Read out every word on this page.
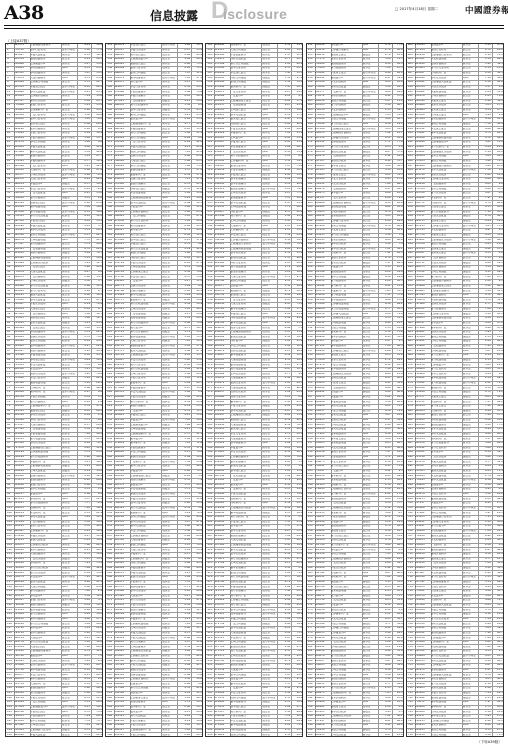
A38	信息披露 D
isclosure	□ 2017年4月18日 星期二	中國證券報
（上接A37版）
1	541373	工银瑞信稳健债券	债券型	4.49	50.6
2	170702	银华行业轮动	货币市场型	3.06	77.8
3	691697	华夏灵活配置	债券型	6.55	16.1
4	604359	富国稳健债券	混合型	8.95	96.5
5	208688	汇添富货币A	债券型	4.27	55.0
6	704683	博时稳健债券	QDII	4.51	23.5
7	592345	博时稳健债券	债券型	3.67	35.2
8	171674	大成价值精选	QDII	4.74	23.9
9	642669	汇添富红利指数	混合型	1.72	22.7
10	505331	华夏成长混合	货币市场型	6.63	64.5
11	959660	博时灵活配置	货币市场型	4.45	83.5
12	505655	汇添富价值精选	债券型	7.19	13.6
13	343317	鹏华优选股票	QDII	8.84	85.7
14	772646	建信行业轮动	混合型	3.41	35.9
15	293641	汇添富新兴产业	混合型	2.90	95.2
16	106304	广发行业轮动	货币市场型	1.30	98.6
17	510632	银华行业轮动	货币市场型	1.63	79.0
18	906628	嘉实成长混合	债券型	6.86	69.6
19	694290	银华价值精选	债券型	2.02	4.2
20	173618	中证行业轮动	债券型	8.09	14.9
21	544614	中证价值精选	货币市场型	1.08	35.7
22	307276	博时红利指数	债券型	1.98	0.6
23	661604	华夏灵活配置	混合型	4.80	41.6
24	107600	鹏华灵活配置	混合型	3.54	92.6
25	745262	建信价值精选	股票型	1.19	87.7
26	174591	华夏稳健债券	股票型	0.77	59.9
27	495586	广发行业轮动	QDII	5.25	42.2
28	208248	大成新兴产业	货币市场型	8.66	67.6
29	512577	长城优选股票	货币市场型	4.98	70.1
30	808572	大成行业轮动	QDII	6.22	82.6
31	496234	华夏货币A	指数型	6.37	39.2
32	775563	华安行业轮动	货币市场型	8.44	72.0
33	146558	广发灵活配置	QDII	6.43	15.8
34	709220	南方价值精选	指数型	3.33	2.6
35	963549	招商成长混合	货币市场型	2.16	65.6
36	309544	鹏华收益增强	QDII	5.89	39.6
37	847206	南方收益增强	货币市场型	8.55	56.8
38	176535	易方达灵活配置	股票型	4.12	51.0
39	397530	中证成长混合	混合型	4.61	55.3
40	910192	华夏灵活配置	债券型	4.01	3.7
41	214521	鹏华优选股票	混合型	5.33	28.1
42	410516	嘉实红利指数	货币市场型	2.57	62.7
43	898179	长城收益增强	QDII	7.72	41.3
44	177507	南方稳健债券	混合型	5.79	96.0
45	348503	广发收益增强	债券型	8.78	61.8
46	811165	国泰价值精选	指数型	1.69	70.7
47	965493	工银瑞信收益增强	股票型	5.51	56.6
48	211489	汇添富优选股票	混合型	5.25	52.7
49	649151	广发成长混合	债券型	3.90	91.8
50	778479	大成灵活配置	债券型	4.47	9.0
51	899475	广发价值精选	债券型	0.96	35.3
52	412137	长城优选股票	指数型	5.36	5.7
53	516466	易方达灵活配置	股票型	2.68	52.2
54	612461	南方行业轮动	混合型	4.92	9.7
55	100123	富国灵活配置	混合型	6.08	10.3
56	179452	博时灵活配置	混合型	9.15	87.1
57	250447	中证优选股票	QDII	8.14	74.9
58	613109	大成成长混合	股票型	6.04	6.7
59	667438	广发价值精选	QDII	5.86	14.7
60	713433	国泰成长混合	债券型	1.60	32.7
61	151095	嘉实灵活配置	指数型	5.25	93.9
62	180424	广发成长混合	债券型	1.82	33.1
63	201419	博时稳健债券	货币市场型	3.31	81.4
64	514081	招商优选股票	混合型	3.72	73.8
65	518410	嘉实红利指数	股票型	6.04	43.2
66	514405	银华稳健债券	货币市场型	4.27	22.8
67	802067	国泰价值精选	混合型	1.43	45.4
68	781396	华夏收益增强	股票型	0.50	45.1
69	752391	博时成长混合	货币市场型	4.49	54.9
70	115054	华安灵活配置	混合型	7.39	8.8
71	969382	华安货币A	债券型	3.21	38.7
72	915378	国泰优选股票	货币市场型	3.95	78.8
73	253040	华安行业轮动	指数型	3.61	62.9
74	182368	富国收益增强	混合型	5.18	24.1
75	103364	长城新兴产业	债券型	2.66	94.4
76	316026	鹏华新兴产业	货币市场型	8.07	9.8
77	220354	中证红利指数	债券型	6.39	1.3
78	116350	南方价值精选	QDII	0.63	2.8
79	304012	工银瑞信新兴产业	混合型	2.78	47.4
80	183341	富国成长混合	指数型	6.85	69.2
81	954336	博时优选股票	混合型	6.84	1.9
82	216998	博时行业轮动	债券型	5.75	76.8
83	971327	大成价值精选	债券型	6.57	29.8
84	817322	广发收益增强	债券型	3.30	91.8
85	954984	中证收益增强	股票型	7.96	98.0
86	784313	南方收益增强	混合型	5.53	81.2
87	605308	博时优选股票	债券型	8.02	74.5
88	717970	工银瑞信成长混合	债券型	9.42	11.8
89	522299	汇添富收益增强	债券型	3.74	25.3
90	318294	易方达稳健债券	债券型	2.98	48.9
91	405956	华夏新兴产业	债券型	1.13	16.5
92	185285	工银瑞信收益增强	指数型	1.21	60.2
93	856280	长城灵活配置	指数型	6.19	15.0
94	918942	招商价值精选	货币市场型	1.10	12.9
95	673271	建信稳健债券	债券型	6.92	86.8
96	419266	建信行业轮动	债券型	8.66	71.9
97	456929	银华红利指数	混合型	9.31	1.0
98	186257	建信货币A	QDII	2.88	6.2
99	807253	博时新兴产业	QDII	1.37	21.5
100 819915	易方达稳健债券	债券型	7.77	79.9
101 524243	招商新兴产业	混合型	7.10	16.4
102 220239	华安新兴产业	混合型	2.33	61.9
103 207901	博时灵活配置	QDII	5.49	51.5
104 787229	广发价值精选	混合型	1.56	18.2
105 458225	嘉实行业轮动	混合型	2.55	94.0
106 420887	汇添富新兴产业	债券型	2.45	14.9
107 975216	华夏优选股票	混合型	4.27	11.9
108 621211	建信灵活配置	QDII	2.01	18.9
109 558873	汇添富优选股票	债券型	7.66	69.1
110 188202	鹏华价值精选	QDII	6.23	96.3
111 709197	大成稳健债券	债券型	0.72	34.6
112 621859	广发优选股票	指数型	3.13	15.9
113 226188	博时新兴产业	混合型	7.45	73.4
114 722183	易方达优选股票	指数型	7.69	42.0
115 609845	南方优选股票	股票型	6.84	53.6
116 189174	华安货币A	货币市场型	7.91	42.3
117 660169	嘉实灵活配置	债券型	4.90	41.1
118 522831	大成红利指数	QDII	0.80	83.0
119 977160	南方稳健债券	混合型	7.62	2.9
120 523155	博时货币A	债券型	1.36	32.0
121 360817	建信行业轮动	货币市场型	3.02	5.1
122 790146	富国价值精选	指数型	6.59	54.3
123 311141	嘉实收益增强	股票型	6.08	14.6
124 123804	南方价值精选	QDII	4.48	18.0
125 528132	鹏华价值精选	QDII	4.80	97.5
126 924128	易方达红利指数	混合型	1.04	88.0
127 711790	鹏华货币A	股票型	5.19	22.6
128 191118	银华价值精选	股票型	2.26	33.3
129 562114	大成货币A	混合型	4.25	54.1
130 324776	易方达灵活配置	混合型	5.16	19.0
131 679104	大成成长混合	混合型	7.98	60.0
132 125100	工银瑞信稳健债券	股票型	6.72	12.0
133 762762	富国货币A	QDII	4.37	7.2
134 192091	大成优选股票	债券型	3.94	78.4
135 513086	嘉实价值精选	货币市场型	8.43	60.7
136 225748	鹏华收益增强	混合型	2.83	86.0
137 530077	华安行业轮动	QDII	8.15	88.5
138 826072	鹏华价值精选	指数型	9.39	2.0
139 513734	大成新兴产业	混合型	0.55	57.7
140 793063	建信稳健债券	QDII	2.62	90.4
141 164058	南方稳健债券	指数型	0.60	34.2
142 726720	中证优选股票	混合型	6.51	21.1
143 981049	广发红利指数	QDII	5.33	84.0
144 327044	工银瑞信货币A	货币市场型	9.07	58.1
145 864706	中证成长混合	QDII	2.72	75.2
146 194035	中证稳健债券	债券型	7.29	69.4
147 415030	银华红利指数	股票型	7.78	73.7
148 927692	长城成长混合	混合型	7.19	22.1
149 232021	工银瑞信行业轮动	指数型	8.51	46.5
150 428016	华夏灵活配置	混合型	5.74	81.1
151 915679	华安成长混合	货币市场型	1.90	59.7
152 195007	华夏优选股票	债券型	8.97	15.4
153 366003	南方成长混合	混合型	2.96	80.2
154 828665	工银瑞信货币A	混合型	4.86	89.1
155 982993	富国成长混合	债券型	8.68	75.1
156 228989	嘉实行业轮动	股票型	8.42	71.1
157 666651	嘉实红利指数	混合型	7.07	11.2
158 795979	鹏华稳健债券	货币市场型	7.65	27.5
159 916975	南方货币A	债券型	4.13	53.8
160 429637	华安行业轮动	债券型	8.54	24.1
161 533966	中证稳健债券	债券型	5.86	70.6
162 629961	华夏价值精选	债券型	8.10	28.1
163 117623	广发稳健债券	指数型	9.25	28.8
164 196952	易方达稳健债券	债券型	3.32	6.5
165 267947	银华行业轮动	指数型	2.31	93.3
166 630609	鹏华红利指数	债券型	9.21	25.2
167 684938	嘉实货币A	货币市场型	9.04	33.1
168 730933	工银瑞信新兴产业	债券型	4.77	51.2
169 168595	华夏稳健债券	混合型	8.43	13.3
170 197924	南方红利指数	混合型	5.00	51.5
171 218919	南方红利指数	QDII	6.49	0.8
172 531581	广发行业轮动	债券型	6.89	92.2
173 535910	华夏灵活配置	债券型	9.21	61.6
174 531905	国泰红利指数	混合型	7.45	41.2
175 819567	招商优选股票	债券型	4.60	63.8
176 798896	大成成长混合	债券型	3.68	63.5
177 769891	南方红利指数	混合型	7.66	73.3
178 132554	建信稳健债券	债券型	1.57	27.2
179 986882	建信新兴产业	混合型	6.39	57.2
180 932878	招商行业轮动	QDII	7.13	97.2
181 270540	建信价值精选	混合型	6.78	81.3
182 199868	博时成长混合	指数型	8.35	42.6
183 120864	华安收益增强	债券型	5.84	13.8
184 333526	工银瑞信收益增强	QDII	2.24	28.2
185 237854	银华灵活配置	货币市场型	0.56	19.7
186 133850	中证货币A	指数型	3.80	21.2
187 321512	汇添富价值精选	混合型	5.96	65.9
188 200841	广发红利指数	混合型	1.03	87.6
189 971836	易方达行业轮动	债券型	1.02	20.4
190 234498	南方稳健债券	股票型	8.92	95.3
191 988827	鹏华货币A	混合型	0.74	48.2
192 834822	南方成长混合	债券型	6.48	11.3
193 972484	银华成长混合	债券型	2.13	17.4
194 801813	华夏成长混合	债券型	8.70	0.6
195 622808	易方达灵活配置	股票型	2.19	92.9
196 735470	富国红利指数	股票型	3.60	30.3
197 539799	博时成长混合	混合型	6.92	43.7
198 335794	中证优选股票	混合型	6.16	67.3
199 423456	长城收益增强	混合型	4.31	34.9
200 202785	汇添富成长混合	混合型	4.38	78.6
201 873780	华安成长混合	混合型	9.37	33.4
202 936442	广发货币A	混合型	4.27	31.3
203 690771	招商优选股票	股票型	1.09	6.3
204 436766	招商价值精选	股票型	2.83	90.3
205 474429	鹏华灵活配置	债券型	3.49	19.4
206 203757	富国新兴产业	指数型	6.06	24.6
207 824753	易方达收益增强	货币市场型	4.54	39.9
208 837415	长城优选股票	股票型	1.95	98.3
209 541743	广发收益增强	指数型	1.27	34.8
210 237739	国泰收益增强	指数型	5.51	80.3
211 225401	易方达稳健债券	货币市场型	8.66	70.0
212 804729	南方货币A	混合型	4.73	36.7
213 475725	易方达价值精选	指数型	5.72	13.5
214 438387	嘉实收益增强	货币市场型	5.63	33.3
215 992716	大成行业轮动	指数型	7.45	30.3
216 638711	富国稳健债券	货币市场型	5.18	37.4
217 576373	嘉实灵活配置	股票型	1.84	87.5
218 205702	工银瑞信货币A	货币市场型	9.41	15.7
219 726697	华安优选股票	股票型	3.90	53.0
220 639359	南方行业轮动	混合型	6.30	34.4
221 243688	易方达收益增强	债券型	1.62	91.8
222 739683	长城行业轮动	混合型	1.86	60.4
223 627345	中证行业轮动	债券型	1.02	72.0
224 206674	建信新兴产业	QDII	2.09	60.7
225 677669	华夏稳健债券	混合型	8.07	59.5
226 540331	华安灵活配置	货币市场型	3.98	2.4
227 994660	中证优选股票	指数型	1.80	21.4
228 540655	易方达新兴产业	股票型	4.54	50.4
229 378317	富国价值精选	混合型	6.19	23.5
230 807646	广发货币A	混合型	0.76	72.7
231 328641	华夏成长混合	债券型	9.25	33.0
232 141304	华夏货币A	货币市场型	7.65	36.4
233 545632	工银瑞信货币A	指数型	7.98	16.9
234 941628	长城收益增强	债券型	4.21	7.4
235 729290	工银瑞信新兴产业	债券型	8.37	41.1
236 208618	鹏华货币A	债券型	5.44	51.8
237 579614	鹏华新兴产业	指数型	7.43	72.6
238 342276	中证稳健债券	债券型	8.33	37.4
239 696604	华安红利指数	债券型	2.15	78.4
240 142600	富国优选股票	债券型	0.89	30.4
241 780262	广发新兴产业	货币市场型	7.54	25.6
242 209591	鹏华行业轮动	股票型	7.12	96.8
243 530586	华夏货币A	QDII	2.60	79.1
244 243248	工银瑞信成长混合	指数型	6.01	5.5
245 547577	国泰价值精选	货币市场型	2.33	7.9
246 843572	建信货币A	混合型	3.57	20.5
247 531234	华安收益增强	指数型	3.72	76.1
248 810563	富国优选股票	货币市场型	5.79	9.8
249 181558	华夏优选股票	混合型	3.78	52.6
250 744220	银华行业轮动	指数型	0.68	39.5
251 998549	南方灵活配置	货币市场型	8.51	3.4
252 344544	富国新兴产业	QDII	3.24	76.5
253 882206	银华红利指数	货币市场型	5.90	93.6
254 211535	银华优选股票	股票型	1.47	87.8
255 432530	鹏华灵活配置	债券型	1.96	92.1
256 945192	华安红利指数	股票型	1.36	40.5
257 249521	汇添富价值精选	混合型	2.68	65.0
258 445516	大成稳健债券	指数型	8.92	0.5
259 933179	建信红利指数	QDII	5.07	78.1
260 212507	大成行业轮动	债券型	3.14	33.9
261 383503	华夏新兴产业	债券型	6.13	98.7
262 846165	汇添富新兴产业	指数型	8.04	8.5
263 100493	博时红利指数	股票型	2.86	93.5
264 246489	华夏稳健债券	债券型	2.60	89.5
265 684151	华夏灵活配置	债券型	1.25	29.7
266 813479	建信优选股票	QDII	1.82	45.9
267 934475	中证新兴产业	股票型	7.31	72.2
268 447137	国泰稳健债券	混合型	2.71	42.6
269 551466	银华优选股票	股票型	9.03	89.0
270 647461	大成货币A	混合型	2.27	46.6
271 135123	南方优选股票	混合型	3.43	47.2
272 214452	中证优选股票	混合型	6.50	24.9
273 285447	国泰价值精选	混合型	5.49	12.7
274 648109	建信收益增强	股票型	3.39	43.6
275 702438	华夏新兴产业	QDII	3.21	51.5
276 748433	汇添富收益增强	股票型	7.95	69.6
277 186095	长城优选股票	指数型	2.60	31.7
278 215424	华夏灵活配置	债券型	8.17	69.9
279 236419	中证灵活配置	货币市场型	0.66	19.2
280 549081	南方价值精选	混合型	1.07	11.6
281 553410	长城稳健债券	股票型	3.39	80.1
282 549405	工银瑞信灵活配置	指数型	1.62	59.6
283 837067	汇添富行业轮动	债券型	7.78	82.2
284 816396	鹏华红利指数	股票型	6.85	82.0
285 787391	中证灵活配置	指数型	1.84	91.7
286 150054	富国优选股票	混合型	4.74	45.6
287 104382	招商收益增强	股票型	0.56	75.6
288 950378	汇添富价值精选	货币市场型	1.30	16.6
289 288040	招商货币A	混合型	0.96	0.8
290 217368	易方达红利指数	债券型	2.53	61.0
291 138364	国泰货币A	股票型	9.01	32.3
292 351026	汇添富成长混合	货币市场型	5.42	46.7
293 255354	国泰稳健债券	QDII	3.74	38.1
294 151350	银华新兴产业	混合型	6.98	39.7
295 339012	嘉实货币A	债券型	9.13	84.3
296 218341	南方灵活配置	指数型	4.20	7.0
297 989336	中证价值精选	混合型	4.19	38.8
298 251998	中证优选股票	债券型	3.10	14.7
299 106327	工银瑞信新兴产业	债券型	3.92	66.6
300 852322	中证红利指数	股票型	0.65	29.7
301 989984	国泰新兴产业	股票型	5.31	35.8
302 819313	大成红利指数	混合型	2.88	19.0
303 640308	中证稳健债券	债券型	5.37	12.3
304 752970	博时灵活配置	债券型	6.77	48.7
305 557299	易方达红利指数	债券型	1.09	62.2
306 353294	银华行业轮动	债券型	9.33	85.7
307 440956	华安成长混合	债券型	7.48	53.3
308 220285	博时红利指数	指数型	7.56	97.0
309 891280	建信红利指数	指数型	3.54	51.8
310 953942	嘉实新兴产业	指数型	7.45	49.7
311 708271	广发行业轮动	债券型	4.27	24.7
312 454266	广发货币A	债券型	6.01	9.7
313 491929	工银瑞信成长混合	混合型	6.66	37.9
314 221257	广发收益增强	混合型	9.23	43.1
315 842253	长城成长混合	QDII	7.72	58.4
316 854915	银华灵活配置	QDII	5.12	17.7
317 559243	嘉实成长混合	债券型	4.45	53.2
318 255239	招商成长混合	混合型	8.68	98.8
319 242901	中证优选股票	QDII	2.84	88.4
320 822229	华夏新兴产业	债券型	7.91	55.1
321 493225	长城货币A	混合型	8.90	31.9
322 455887	华夏成长混合	QDII	8.80	51.8
323 110216	华安稳健债券	混合型	1.62	48.7
324 656211	广发优选股票	QDII	8.36	55.8
325 593873	易方达稳健债券	债券型	5.01	6.9
326 223202	汇添富新兴产业	QDII	3.58	34.1
327 744197	建信行业轮动	债券型	7.07	71.4
328 656859	中证价值精选	指数型	9.48	52.8
329 261188	中证成长混合	混合型	4.80	11.3
330 757183	银华价值精选	指数型	5.04	78.8
331 644845	银华价值精选	股票型	4.19	90.4
332 224174	富国价值精选	货币市场型	5.26	79.1
333 695169	长城优选股票	债券型	2.25	77.9
334 557831	建信稳健债券	QDII	7.15	20.8
335 112160	银华灵活配置	混合型	4.97	39.8
336 558155	长城收益增强	债券型	7.71	68.8
337 395817	博时货币A	指数型	9.37	42.0
338 825146	南方新兴产业	指数型	3.94	91.2
339 346141	长城红利指数	股票型	3.43	51.5
340 158804	大成新兴产业	QDII	1.83	54.8
341 563132	汇添富新兴产业	混合型	2.15	35.3
342 959128	华安成长混合	混合型	7.39	25.8
343 746790	汇添富价值精选	货币市场型	2.54	59.5
344 226118	工银瑞信行业轮动	货币市场型	8.61	70.2
345 597114	工银瑞信收益增强	混合型	1.60	91.0
346 359776	银华优选股票	混合型	2.51	55.9
347 714104	建信灵活配置	混合型	5.33	96.8
348 160100	博时行业轮动	股票型	4.07	48.9
349 797762	南方收益增强	QDII	1.72	44.0
350 227091	建信价值精选	债券型	1.29	16.2
351 548086	大成行业轮动	货币市场型	5.78	97.5
352 260748	富国红利指数	混合型	9.18	23.9
353 565077	招商货币A	QDII	5.50	26.4
354 861072	富国新兴产业	指数型	6.74	38.9
355 548734	建信成长混合	混合型	6.90	94.5
356 828063	广发行业轮动	混合型	8.97	28.2
357 199058	大成行业轮动	指数型	6.95	71.0
358 761720	鹏华价值精选	混合型	3.86	57.9
359 116049	华夏成长混合	QDII	2.68	21.9
360 362044	博时收益增强	货币市场型	6.42	94.9
361 899706	鹏华灵活配置	QDII	9.07	13.0
362 229035	国泰行业轮动	债券型	4.64	7.3
363 450030	工银瑞信稳健债券	股票型	5.13	11.6
364 962692	建信灵活配置	债券型	4.54	58.9
365 267021	博时货币A	指数型	5.86	83.4
366 463016	华安红利指数	混合型	3.09	18.9
367 950679	招商灵活配置	指数型	8.25	96.6
368 230007	鹏华稳健债券	股票型	6.32	52.3
369 401003	大成收益增强	混合型	9.31	18.1
370 863665	嘉实收益增强	债券型	2.21	27.0
371 117993	南方收益增强	QDII	6.03	12.9
372 263989	长城优选股票	股票型	5.77	9.0
373 701651	大成稳健债券	混合型	4.42	48.1
374 830979	富国行业轮动	货币市场型	5.00	64.3
375 951975	大成收益增强	债券型	1.48	90.6
376 464637	招商优选股票	债券型	5.89	61.0
377 568966	国泰行业轮动	债券型	3.21	8.4
378 664961	鹏华新兴产业	债券型	5.45	65.0
379 152623	中证行业轮动	指数型	6.60	65.6
380 231952	银华灵活配置	债券型	0.67	43.3
381 302947	工银瑞信优选股票	指数型	8.66	31.1
382 665609	富国成长混合	债券型	6.56	62.0
383 719938	大成收益增强	指数型	6.39	70.0
384 765933	嘉实成长混合	债券型	2.12	88.0
385 203595	华安行业轮动	混合型	5.78	50.1
386 232924	大成稳健债券	混合型	2.35	88.4
387 253919	银华稳健债券	QDII	3.84	37.7
388 566581	华夏货币A	债券型	4.24	30.0
389 570910	华安优选股票	债券型	6.56	98.5
390 566905	汇添富稳健债券	混合型	4.80	78.0
391 854567	嘉实价值精选	股票型	1.95	1.7
392 833896	建信灵活配置	债券型	1.03	1.4
393 804891	银华成长混合	混合型	5.01	11.2
394 167554	广发灵活配置	股票型	7.92	64.1
395 121882	广发货币A	债券型	3.74	94.0
396 967878	嘉实货币A	QDII	4.48	35.1
397 305540	广发新兴产业	债券型	4.13	19.2
398 234868	中证灵活配置	混合型	5.70	79.4
399 155864	招商新兴产业	债券型	3.19	50.7
400 368526	博时新兴产业	QDII	8.59	65.1
401 272854	工银瑞信优选股票	货币市场型	6.91	56.5
402 168850	鹏华收益增强	指数型	1.15	58.1
403 356512	易方达新兴产业	混合型	3.31	3.7
404 235841	中证成长混合	混合型	7.38	25.4
405 106836	银华货币A	债券型	7.37	57.2
406 269498	银华行业轮动	股票型	6.27	33.1
407 123827	富国价值精选	混合型	7.09	85.1
408 869822	大成灵活配置	债券型	3.83	48.1
409 107484	工银瑞信收益增强	债券型	8.48	54.2
410 836813	鹏华灵活配置	股票型	6.05	37.4
411 657808	银华优选股票	股票型	8.54	30.7
412 770470	易方达稳健债券	股票型	0.95	67.1
413 574799	长城灵活配置	混合型	4.27	80.6
414 370794	鹏华价值精选	混合型	3.51	5.1
415 458456	建信红利指数	混合型	1.66	71.8
416 237785	易方达收益增强	混合型	1.73	16.5
417 908780	招商灵活配置	混合型	6.72	70.3
418 971442	华夏收益增强	混合型	1.62	68.1
419 725771	南方价值精选	股票型	7.44	43.1
420 471766	南方新兴产业	股票型	9.18	28.2
421 509429	汇添富红利指数	股票型	0.84	56.3
422 238757	南方成长混合	指数型	3.41	61.5
423 859753	银华红利指数	货币市场型	1.89	76.8
424 872415	国泰稳健债券	货币市场型	8.30	36.2
425 576743	华夏红利指数	混合型	7.62	71.6
426 272739	广发红利指数	指数型	2.86	18.2
427 260401	银华灵活配置	货币市场型	6.01	7.8
428 839729	大成收益增强	混合型	2.08	73.5
429 510725	华安新兴产业	指数型	3.07	50.3
430 473387	长城红利指数	货币市场型	2.98	70.2
431 127716	建信优选股票	混合型	4.80	67.2
432 673711	南方灵活配置	货币市场型	2.53	74.2
433 611373	长城优选股票	股票型	8.19	25.3
434 240702	博时收益增强	货币市场型	6.76	52.5
435 761697	富国价值精选	股票型	1.25	89.8
436 674359	大成货币A	债券型	3.65	71.2
437 278688	银华红利指数	股票型	7.97	29.7
438 774683	国泰货币A	混合型	8.21	97.2
439 662345	鹏华优选股票	债券型	7.37	9.9
440 241674	广发货币A	QDII	8.44	97.6
441 712669	华安行业轮动	混合型	5.42	96.4
442 575331	招商红利指数	货币市场型	1.33	39.2
443 129660	鹏华稳健债券	指数型	8.15	58.2
444 575655	银华成长混合	股票型	1.89	87.3
445 413317	南方新兴产业	混合型	3.54	60.4
446 842646	中证价值精选	混合型	7.11	10.6
447 363641	华安灵活配置	债券型	6.60	69.9
448 176304	鹏华收益增强	指数型	5.00	73.3
449 580632	博时收益增强	指数型	5.33	53.7
450 976628	国泰红利指数	债券型	1.56	44.3
451 764290	博时货币A	QDII	5.72	77.9
452 243618	汇添富价值精选	QDII	2.79	88.6
453 614614	富国成长混合	指数型	4.78	10.4
454 377276	国泰行业轮动	债券型	5.68	74.3
455 731604	富国稳健债券	债券型	8.50	16.3
456 177600	南方稳健债券	债券型	7.24	67.3
457 815262	中证成长混合	货币市场型	4.89	62.4
458 244591	富国货币A	货币市场型	4.47	34.6
459 565586	华安价值精选	QDII	8.95	16.9
460 278248	博时灵活配置	指数型	3.36	42.3
461 582577	广发新兴产业	货币市场型	8.68	44.8
462 878572	博时价值精选	混合型	0.92	57.3
463 566234	富国红利指数	混合型	1.07	13.9
464 845563	南方价值精选	指数型	3.14	46.7
465 216558	华安价值精选	混合型	1.13	89.5
466 779220	工银瑞信货币A	指数型	7.03	76.3
467 133549	大成红利指数	货币市场型	5.86	40.3
468 379544	易方达成长混合	QDII	0.59	14.3
469 917206	工银瑞信成长混合	货币市场型	3.25	31.5
470 246535	工银瑞信价值精选	股票型	7.82	25.7
471 467530	汇添富优选股票	债券型	8.31	30.0
472 980192	招商稳健债券	股票型	7.71	77.4
473 284521	易方达行业轮动	混合型	9.03	2.8
474 480516	建信灵活配置	指数型	6.27	37.4
475 968179	广发稳健债券	混合型	2.42	16.0
476 247507	建信优选股票	债券型	9.49	70.7
477 418503	鹏华成长混合	债券型	3.48	36.5
478 881165	易方达成长混合	混合型	5.39	45.4
479 135493	中证成长混合	货币市场型	9.21	31.3
480 281489	华安行业轮动	债券型	8.95	27.4
481 719151	华安优选股票	债券型	7.60	66.5
482 848479	广发稳健债券	QDII	8.17	82.7
483 969475	鹏华货币A	股票型	4.66	10.0
484 482137	广发行业轮动	混合型	9.06	79.4
485 586466	工银瑞信价值精选	货币市场型	6.38	26.9
486 682461	建信收益增强	混合型	8.62	83.4
487 170123	大成价值精选	混合型	0.78	84.0
488 249452	国泰稳健债券	混合型	3.85	61.8
489 320447	汇添富行业轮动	混合型	2.84	49.6
490 683109	博时红利指数	货币市场型	0.74	80.4
491 737438	华安成长混合	混合型	0.56	88.4
492 783433	易方达红利指数	股票型	5.30	7.4
493 221095	国泰价值精选	指数型	8.95	68.6
494 250424	鹏华优选股票	债券型	5.52	7.8
495 271419	鹏华优选股票	货币市场型	7.01	56.1
496 584081	大成新兴产业	混合型	7.42	48.5
497 588410	建信行业轮动	股票型	0.74	17.9
498 584405	嘉实优选股票	指数型	7.97	96.5
499 872067	华夏货币A	债券型	5.13	20.1
500 851396	富国稳健债券	股票型	4.20	19.8
501 822391	鹏华红利指数	指数型	8.19	29.6
502 185054	南方稳健债券	债券型	2.09	82.5
503 139382	南方新兴产业	股票型	6.91	13.4
504 985378	华夏新兴产业	货币市场型	7.65	53.5
505 323040	南方收益增强	混合型	7.31	37.6
506 252368	银华稳健债券	债券型	8.88	97.8
507 173364	汇添富收益增强	股票型	6.36	69.1
508 386026	易方达收益增强	货币市场型	2.77	83.5
509 290354	汇添富灵活配置	QDII	1.09	75.0
510 186350	工银瑞信成长混合	混合型	4.33	76.5
511 374012	长城收益增强	债券型	6.48	22.1
512 253341	大成红利指数	混合型	1.55	43.9
513 124336	国泰新兴产业	混合型	1.54	75.6
514 286998	鹏华价值精选	债券型	9.45	51.5
515 141327	博时货币A	股票型	1.27	4.5
516 887322	鹏华稳健债券	股票型	7.00	66.5
517 124984	汇添富成长混合	货币市场型	2.66	72.7
518 854313	建信成长混合	债券型	9.23	55.9
519 675308	国泰行业轮动	债券型	2.72	49.2
520 787970	中证红利指数	债券型	4.12	85.5
521 592299	银华稳健债券	债券型	7.44	99.0
522 388294	工银瑞信优选股票	债券型	6.68	23.6
523 475956	招商灵活配置	股票型	4.83	90.2
524 255285	中证成长混合	指数型	4.91	34.9
525 926280	广发稳健债券	指数型	0.89	88.7
526 988942	大成货币A	指数型	4.80	86.6
527 743271	华夏货币A	债券型	1.62	61.5
528 489266	华夏收益增强	债券型	3.36	46.6
529 526929	博时灵活配置	债券型	4.01	74.7
530 256257	中证红利指数	混合型	6.58	79.9
531 877253	国泰灵活配置	QDII	5.07	95.2
532 889915	招商优选股票	QDII	2.47	54.6
533 594243	长城灵活配置	债券型	1.80	90.1
534 290239	嘉实灵活配置	混合型	6.03	36.6
535 277901	国泰稳健债券	QDII	9.19	26.2
536 857229	鹏华成长混合	债券型	5.26	91.9
537 528225	国泰收益增强	混合型	6.25	68.7
538 490887	华安灵活配置	QDII	6.15	88.6
539 145216	富国行业轮动	债券型	7.97	85.6
540 691211	中证稳健债券	QDII	5.71	92.6
541 628873	华安行业轮动	债券型	2.36	43.8
542 258202	易方达成长混合	混合型	0.93	71.0
543 779197	广发货币A	债券型	4.42	9.3
544 691859	鹏华新兴产业	混合型	6.83	89.6
545 296188	国泰收益增强	债券型	2.15	48.1
546 792183	招商新兴产业	指数型	2.39	16.7
547 679845	工银瑞信行业轮动	股票型	1.54	28.3
548 259174	南方新兴产业	货币市场型	2.61	17.0
549 730169	建信稳健债券	股票型	8.60	15.8
550 592831	广发灵活配置	混合型	4.50	57.7
551 147160	工银瑞信优选股票	混合型	2.32	76.6
552 593155	国泰新兴产业	债券型	5.06	6.7
553 430817	中证价值精选	指数型	6.72	78.8
554 860146	大成货币A	指数型	1.29	29.0
555 381141	建信稳健债券	股票型	0.78	88.3
556 193804	建信成长混合	混合型	8.18	91.7
557 598132	易方达成长混合	混合型	8.50	72.2
558 994128	招商灵活配置	债券型	4.74	62.7
559 781790	易方达新兴产业	货币市场型	8.89	96.3
560 261118	博时货币A	货币市场型	5.96	8.0
561 632114	博时红利指数	混合型	7.95	28.8
562 394776	工银瑞信价值精选	混合型	8.86	92.7
563 749104	广发优选股票	混合型	2.68	34.7
564 195100	中证优选股票	股票型	1.42	85.7
565 832762	大成新兴产业	QDII	8.07	80.9
566 262091	博时新兴产业	QDII	7.64	53.1
567 583086	建信货币A	指数型	3.13	35.4
568 295748	易方达成长混合	混合型	6.53	60.7
569 600077	嘉实收益增强	混合型	2.85	63.2
570 896072	南方货币A	指数型	4.09	75.7
571 583734	广发灵活配置	债券型	4.25	32.4
572 863063	中证货币A	混合型	6.32	65.1
573 234058	建信优选股票	指数型	4.30	8.9
574 796720	汇添富新兴产业	混合型	1.21	94.8
575 151049	华安灵活配置	QDII	9.03	58.7
576 397044	中证红利指数	指数型	3.77	32.8
577 934706	汇添富红利指数	混合型	6.42	49.9
578 264035	汇添富货币A	债券型	1.99	44.1
579 485030	博时灵活配置	股票型	2.48	48.4
580 997692	广发优选股票	债券型	1.89	95.8
581 302021	长城价值精选	混合型	3.21	21.2
582 498016	富国稳健债券	混合型	9.44	55.8
583 985679	南方优选股票	指数型	5.60	34.4
584 265007	富国行业轮动	股票型	3.67	89.1
585 436003	建信红利指数	债券型	6.66	54.9
586 898665	长城红利指数	债券型	8.56	63.8
587 152993	银华红利指数	QDII	3.38	49.8
588 298989	建信价值精选	股票型	3.12	45.8
589 736651	建信行业轮动	混合型	1.77	84.9
590 865979	南方优选股票	货币市场型	2.35	2.2
591 986975	工银瑞信新兴产业	债券型	7.83	28.5
592 499637	嘉实价值精选	债券型	3.24	97.8
593 603966	汇添富货币A	QDII	0.56	45.3
594 699961	富国成长混合	股票型	2.80	2.8
595 187623	鹏华优选股票	指数型	3.95	3.5
596 266952	工银瑞信优选股票	股票型	7.02	80.2
597 337947	嘉实价值精选	指数型	6.01	68.0
598 700609	南方灵活配置	QDII	3.91	98.9
599 754938	建信红利指数	指数型	3.74	7.8
600 800933	长城灵活配置	债券型	8.47	25.9
601 238595	招商货币A	债券型	3.13	87.0
602 267924	建信行业轮动	混合型	8.70	26.2
603 288919	工银瑞信行业轮动	混合型	1.19	74.5
604 601581	华安收益增强	股票型	1.59	66.9
605 605910	招商价值精选	债券型	3.91	36.3
606 601905	易方达行业轮动	混合型	2.15	15.9
607 889567	长城新兴产业	股票型	8.30	38.5
608 868896	博时优选股票	QDII	7.38	38.2
609 839891	工银瑞信灵活配置	混合型	2.36	48.0
610 202554	中证优选股票	股票型	5.27	1.9
611 156882	华夏收益增强	债券型	1.09	31.9
612 102878	长城价值精选	混合型	1.83	71.9
613 340540	华夏成长混合	债券型	1.48	56.0
614 269868	国泰优选股票	混合型	3.05	17.3
615 190864	嘉实成长混合	债券型	0.54	87.5
616 403526	长城成长混合	QDII	5.94	2.9
617 307854	嘉实稳健债券	货币市场型	4.26	93.4
618 203850	富国红利指数	指数型	7.50	94.9
619 391512	华安成长混合	混合型	0.66	40.6
620 270841	鹏华灵活配置	债券型	4.73	62.3
621 141836	工银瑞信收益增强	股票型	4.72	94.1
622 304498	工银瑞信货币A	股票型	3.62	70.0
623 158827	易方达新兴产业	债券型	4.44	22.9
624 904822	工银瑞信优选股票	债券型	1.18	85.0
625 142484	嘉实红利指数	QDII	5.83	91.1
626 871813	富国红利指数	股票型	3.40	74.3
627 692808	工银瑞信价值精选	股票型	5.89	67.6
628 805470	银华灵活配置	货币市场型	7.30	5.0
629 609799	国泰优选股票	混合型	1.62	18.4
630 405794	汇添富行业轮动	债券型	0.86	42.0
631 493456	广发稳健债券	债券型	8.01	9.6
632 272785	银华红利指数	混合型	8.08	53.3
633 943780	南方优选股票	混合型	4.07	8.1
634 106442	华安新兴产业	混合型	7.97	6.0
635 760771	大成新兴产业	货币市场型	4.79	80.0
636 506766	大成成长混合	股票型	6.53	65.0
637 544429	易方达稳健债券	股票型	7.19	93.1
638 273757	大成灵活配置	指数型	0.76	98.3
639 894753	招商成长混合	指数型	8.24	14.6
640 907415	汇添富行业轮动	货币市场型	5.65	73.0
641 611743	华安稳健债券	混合型	4.97	9.5
642 307739	华夏成长混合	指数型	9.21	55.0
643 295401	工银瑞信优选股票	货币市场型	3.36	44.7
644 874729	建信红利指数	混合型	8.43	11.4
645 545725	招商成长混合	指数型	9.42	87.2
646 508387	国泰成长混合	货币市场型	9.33	8.0
647 162716	广发价值精选	混合型	2.15	5.0
648 708711	大成优选股票	指数型	8.88	12.1
649 646373	国泰价值精选	股票型	5.54	62.2
650 275702	长城红利指数	指数型	4.11	89.4
651 796697	南方新兴产业	股票型	7.60	27.7
652 709359	工银瑞信价值精选	债券型	1.00	9.1
653 313688	工银瑞信成长混合	股票型	5.32	66.5
654 809683	汇添富价值精选	混合型	5.56	35.1
655 697345	富国价值精选	QDII	4.72	46.7
656 276674	中证收益增强	混合型	5.79	35.4
657 747669	招商优选股票	债券型	2.77	34.2
658 610331	南方稳健债券	指数型	7.68	76.1
659 164660	汇添富行业轮动	指数型	5.50	95.1
660 610655	工银瑞信收益增强	股票型	8.24	25.1
661 448317	银华货币A	混合型	0.89	97.2
662 877646	鹏华新兴产业	债券型	4.46	47.4
663 398641	招商优选股票	债券型	3.95	7.7
664 211304	富国红利指数	指数型	2.35	11.1
665 615632	长城红利指数	指数型	2.68	90.6
666 111628	广发稳健债券	股票型	7.91	81.1
667 799290	长城收益增强	QDII	3.07	15.8
668 278618	易方达新兴产业	QDII	9.14	26.5
669 649614	南方收益增强	指数型	2.13	47.3
670 412276	汇添富货币A	股票型	3.03	12.1
671 766604	南方行业轮动	债券型	5.85	53.1
672 212600	银华行业轮动	债券型	4.59	5.1
673 850262	鹏华收益增强	货币市场型	2.24	99.3
674 279591	南方收益增强	货币市场型	1.82	71.5
675 600586	富国新兴产业	混合型	6.30	53.8
676 313248	中证红利指数	指数型	0.71	79.2
677 617577	华夏成长混合	指数型	6.03	81.6
678 913572	中证新兴产业	混合型	7.27	94.2
679 601234	南方成长混合	混合型	7.42	50.8
680 880563	大成新兴产业	指数型	9.49	83.5
681 251558	富国行业轮动	混合型	7.48	27.3
682 814220	博时收益增强	混合型	4.38	14.2
683 168549	建信稳健债券	指数型	3.21	77.1
684 414544	银华灵活配置	混合型	6.94	51.2
685 952206	博时灵活配置	指数型	0.60	68.3
686 281535	博时新兴产业	股票型	5.17	62.5
687 502530	易方达稳健债券	债券型	5.66	66.8
688 115192	南方行业轮动	股票型	5.06	15.2
689 319521	银华货币A	债券型	6.38	39.7
690 515516	广发优选股票	指数型	3.62	74.2
691 103179	华夏灵活配置	混合型	8.77	52.8
692 282507	博时价值精选	债券型	6.84	8.6
693 453503	富国灵活配置	股票型	0.83	73.4
694 916165	华安收益增强	混合型	2.74	82.2
695 170493	鹏华灵活配置	货币市场型	6.56	68.2
696 316489	招商货币A	债券型	6.30	64.2
697 754151	招商价值精选	股票型	4.95	4.4
698 883479	中证行业轮动	QDII	5.52	20.6
699 104475	富国收益增强	股票型	2.01	46.9
700 517137	华夏货币A	混合型	6.41	17.3
701 621466	嘉实行业轮动	货币市场型	3.73	63.7
702 717461	博时红利指数	债券型	5.97	21.3
703 205123	工银瑞信行业轮动	混合型	7.13	21.9
704 284452	汇添富行业轮动	债券型	1.20	98.6
705 355447	易方达货币A	混合型	9.19	86.4
706 718109	中证稳健债券	货币市场型	7.09	18.3
707 772438	富国灵活配置	混合型	6.91	26.2
708 818433	华安稳健债券	股票型	2.65	44.3
709 256095	广发新兴产业	混合型	6.30	6.4
710 285424	富国稳健债券	股票型	2.87	44.6
711 306419	富国价值精选	指数型	4.36	92.9
712 619081	建信成长混合	债券型	4.77	85.3
713 623410	广发优选股票	股票型	7.09	54.8
714 619405	长城价值精选	指数型	5.32	34.3
715 907067	华安收益增强	债券型	2.48	56.9
716 886396	南方行业轮动	货币市场型	1.55	56.7
717 857391	汇添富稳健债券	指数型	5.54	66.4
718 220054	大成行业轮动	债券型	8.44	20.3
719 174382	大成成长混合	股票型	4.26	50.3
720 120378	华安货币A	指数型	5.00	90.3
721 358040	大成新兴产业	混合型	4.66	74.5
722 287368	工银瑞信灵活配置	债券型	6.23	35.7
723 208364	华夏红利指数	股票型	3.71	7.0
724 421026	银华红利指数	指数型	9.12	21.4
725 325354	易方达优选股票	QDII	7.44	12.8
726 221350	博时灵活配置	混合型	1.68	14.4
727 409012	国泰红利指数	债券型	3.83	59.0
728 288341	建信稳健债券	混合型	7.90	80.7
729 159336	汇添富货币A	债券型	7.89	13.5
730 321998	汇添富新兴产业	QDII	6.80	88.4
731 176327	中证收益增强	股票型	7.62	41.3
732 922322	富国行业轮动	股票型	4.35	4.4
733 159984	易方达灵活配置	货币市场型	9.01	10.5
734 889313	博时灵活配置	债券型	6.58	92.7
735 710308	汇添富货币A	债券型	9.07	86.0
736 822970	国泰稳健债券	QDII	1.47	23.4
737 627299	工银瑞信灵活配置	股票型	4.79	36.9
738 423294	博时价值精选	股票型	4.03	60.4
739 510956	南方优选股票	股票型	2.18	28.0
740 290285	国泰灵活配置	混合型	2.26	71.7
741 961280	华夏行业轮动	指数型	7.24	26.5
742 123942	建信收益增强	指数型	2.15	24.4
743 778271	鹏华收益增强	QDII	7.97	98.4
744 524266	鹏华新兴产业	债券型	0.71	83.4
745 561929	长城优选股票	债券型	1.36	12.6
746 291257	鹏华成长混合	混合型	3.93	17.8
747 912253	汇添富红利指数	混合型	2.42	33.1
748 924915	嘉实价值精选	QDII	8.82	91.4
749 629243	建信红利指数	债券型	8.15	27.9
750 325239	大成红利指数	混合型	3.38	73.5
（下转A39版）
